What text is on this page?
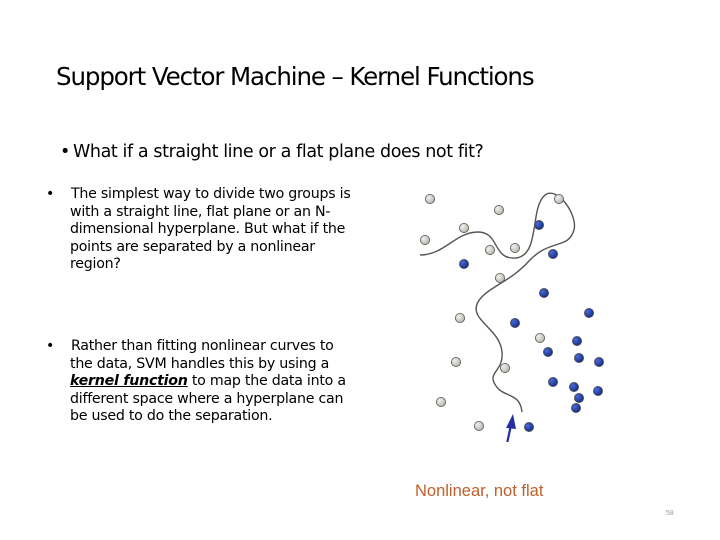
Support Vector Machine – Kernel Functions
• What if a straight line or a flat plane does not fit?
• The simplest way to divide two groups is with a straight line, flat plane or an N-dimensional hyperplane. But what if the points are separated by a nonlinear region?
• Rather than fitting nonlinear curves to the data, SVM handles this by using a kernel function to map the data into a different space where a hyperplane can be used to do the separation.
Nonlinear, not flat
58
